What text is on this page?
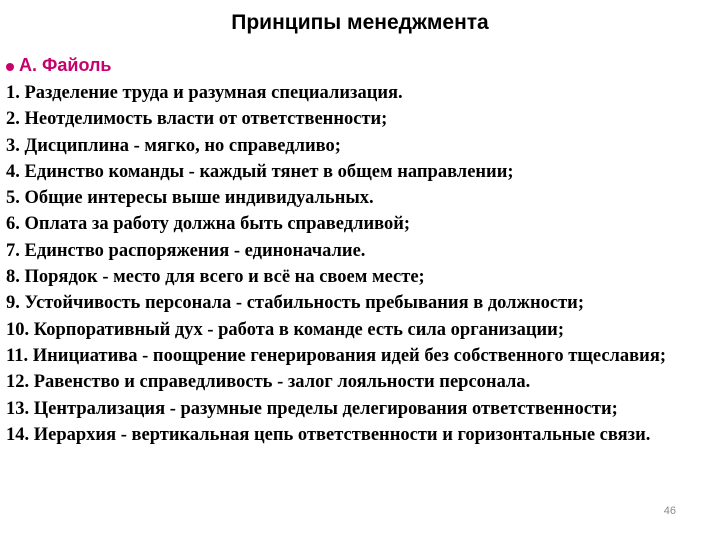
Принципы менеджмента
А. Файоль
1. Разделение труда и разумная специализация.
2. Неотделимость власти от ответственности;
3. Дисциплина - мягко, но справедливо;
4. Единство команды - каждый тянет в общем направлении;
5. Общие интересы выше индивидуальных.
6. Оплата за работу должна быть справедливой;
7. Единство распоряжения - единоначалие.
8. Порядок - место для всего и всё на своем месте;
9. Устойчивость персонала - стабильность пребывания в должности;
10. Корпоративный дух - работа в команде есть сила организации;
11. Инициатива - поощрение генерирования идей без собственного тщеславия;
12. Равенство и справедливость - залог лояльности персонала.
13. Централизация - разумные пределы делегирования ответственности;
14. Иерархия - вертикальная цепь ответственности и горизонтальные связи.
46
